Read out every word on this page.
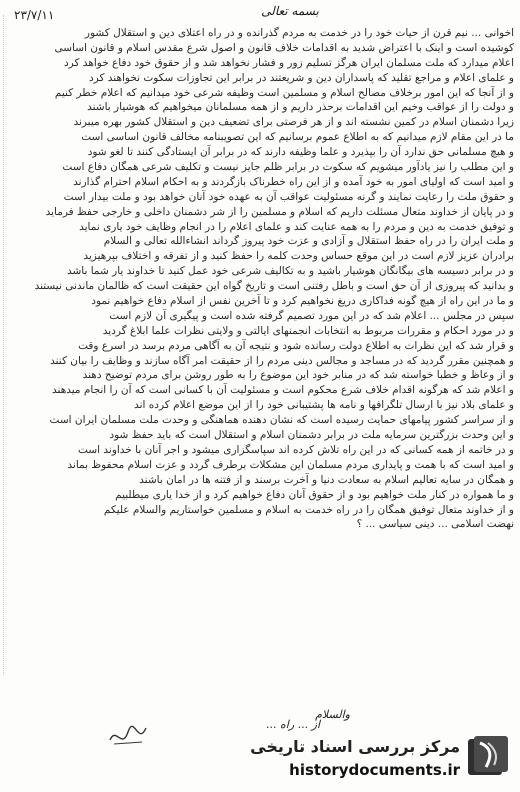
۲۳/۷/۱۱	بسمه تعالی
اخوانی ... نیم قرن از حیات خود را در خدمت به مردم گذرانده و در راه اعتلای دین و استقلال کشور
کوشیده است و اینک با اعتراض شدید به اقدامات خلاف قانون و اصول شرع مقدس اسلام و قانون اساسی
اعلام میدارد که ملت مسلمان ایران هرگز تسلیم زور و فشار نخواهد شد و از حقوق خود دفاع خواهد کرد
و علمای اعلام و مراجع تقلید که پاسداران دین و شریعتند در برابر این تجاوزات سکوت نخواهند کرد
و از آنجا که این امور برخلاف مصالح اسلام و مسلمین است وظیفه شرعی خود میدانیم که اعلام خطر کنیم
و دولت را از عواقب وخیم این اقدامات برحذر داریم و از همه مسلمانان میخواهیم که هوشیار باشند
زیرا دشمنان اسلام در کمین نشسته اند و از هر فرصتی برای تضعیف دین و استقلال کشور بهره میبرند
ما در این مقام لازم میدانیم که به اطلاع عموم برسانیم که این تصویبنامه مخالف قانون اساسی است
و هیچ مسلمانی حق ندارد آن را بپذیرد و علما وظیفه دارند که در برابر آن ایستادگی کنند تا لغو شود
و این مطلب را نیز یادآور میشویم که سکوت در برابر ظلم جایز نیست و تکلیف شرعی همگان دفاع است
و امید است که اولیای امور به خود آمده و از این راه خطرناک بازگردند و به احکام اسلام احترام گذارند
و حقوق ملت را رعایت نمایند و گرنه مسئولیت عواقب آن به عهده خود آنان خواهد بود و ملت بیدار است
و در پایان از خداوند متعال مسئلت داریم که اسلام و مسلمین را از شر دشمنان داخلی و خارجی حفظ فرماید
و توفیق خدمت به دین و مردم را به همه عنایت کند و علمای اعلام را در انجام وظایف خود یاری نماید
و ملت ایران را در راه حفظ استقلال و آزادی و عزت خود پیروز گرداند انشاءالله تعالی و السلام
برادران عزیز لازم است در این موقع حساس وحدت کلمه را حفظ کنید و از تفرقه و اختلاف بپرهیزید
و در برابر دسیسه های بیگانگان هوشیار باشید و به تکالیف شرعی خود عمل کنید تا خداوند یار شما باشد
و بدانید که پیروزی از آن حق است و باطل رفتنی است و تاریخ گواه این حقیقت است که ظالمان ماندنی نیستند
و ما در این راه از هیچ گونه فداکاری دریغ نخواهیم کرد و تا آخرین نفس از اسلام دفاع خواهیم نمود
سپس در مجلس ... اعلام شد که در این مورد تصمیم گرفته شده است و پیگیری آن لازم است
و در مورد احکام و مقررات مربوط به انتخابات انجمنهای ایالتی و ولایتی نظرات علما ابلاغ گردید
و قرار شد که این نظرات به اطلاع دولت رسانده شود و نتیجه آن به آگاهی مردم برسد در اسرع وقت
و همچنین مقرر گردید که در مساجد و مجالس دینی مردم را از حقیقت امر آگاه سازند و وظایف را بیان کنند
و از وعاظ و خطبا خواسته شد که در منابر خود این موضوع را به طور روشن برای مردم توضیح دهند
و اعلام شد که هرگونه اقدام خلاف شرع محکوم است و مسئولیت آن با کسانی است که آن را انجام میدهند
و علمای بلاد نیز با ارسال تلگرافها و نامه ها پشتیبانی خود را از این موضع اعلام کرده اند
و از سراسر کشور پیامهای حمایت رسیده است که نشان دهنده هماهنگی و وحدت ملت مسلمان ایران است
و این وحدت بزرگترین سرمایه ملت در برابر دشمنان اسلام و استقلال است که باید حفظ شود
و در خاتمه از همه کسانی که در این راه تلاش کرده اند سپاسگزاری میشود و اجر آنان با خداوند است
و امید است که با همت و پایداری مردم مسلمان این مشکلات برطرف گردد و عزت اسلام محفوظ بماند
و همگان در سایه تعالیم اسلام به سعادت دنیا و آخرت برسند و از فتنه ها در امان باشند
و ما همواره در کنار ملت خواهیم بود و از حقوق آنان دفاع خواهیم کرد و از خدا یاری میطلبیم
و از خداوند متعال توفیق همگان را در راه خدمت به اسلام و مسلمین خواستاریم والسلام علیکم
نهضت اسلامی ... دینی سیاسی ... ؟
والسلام
از ... راه ...
مرکز بررسی اسناد تاریخی
historydocuments.ir
